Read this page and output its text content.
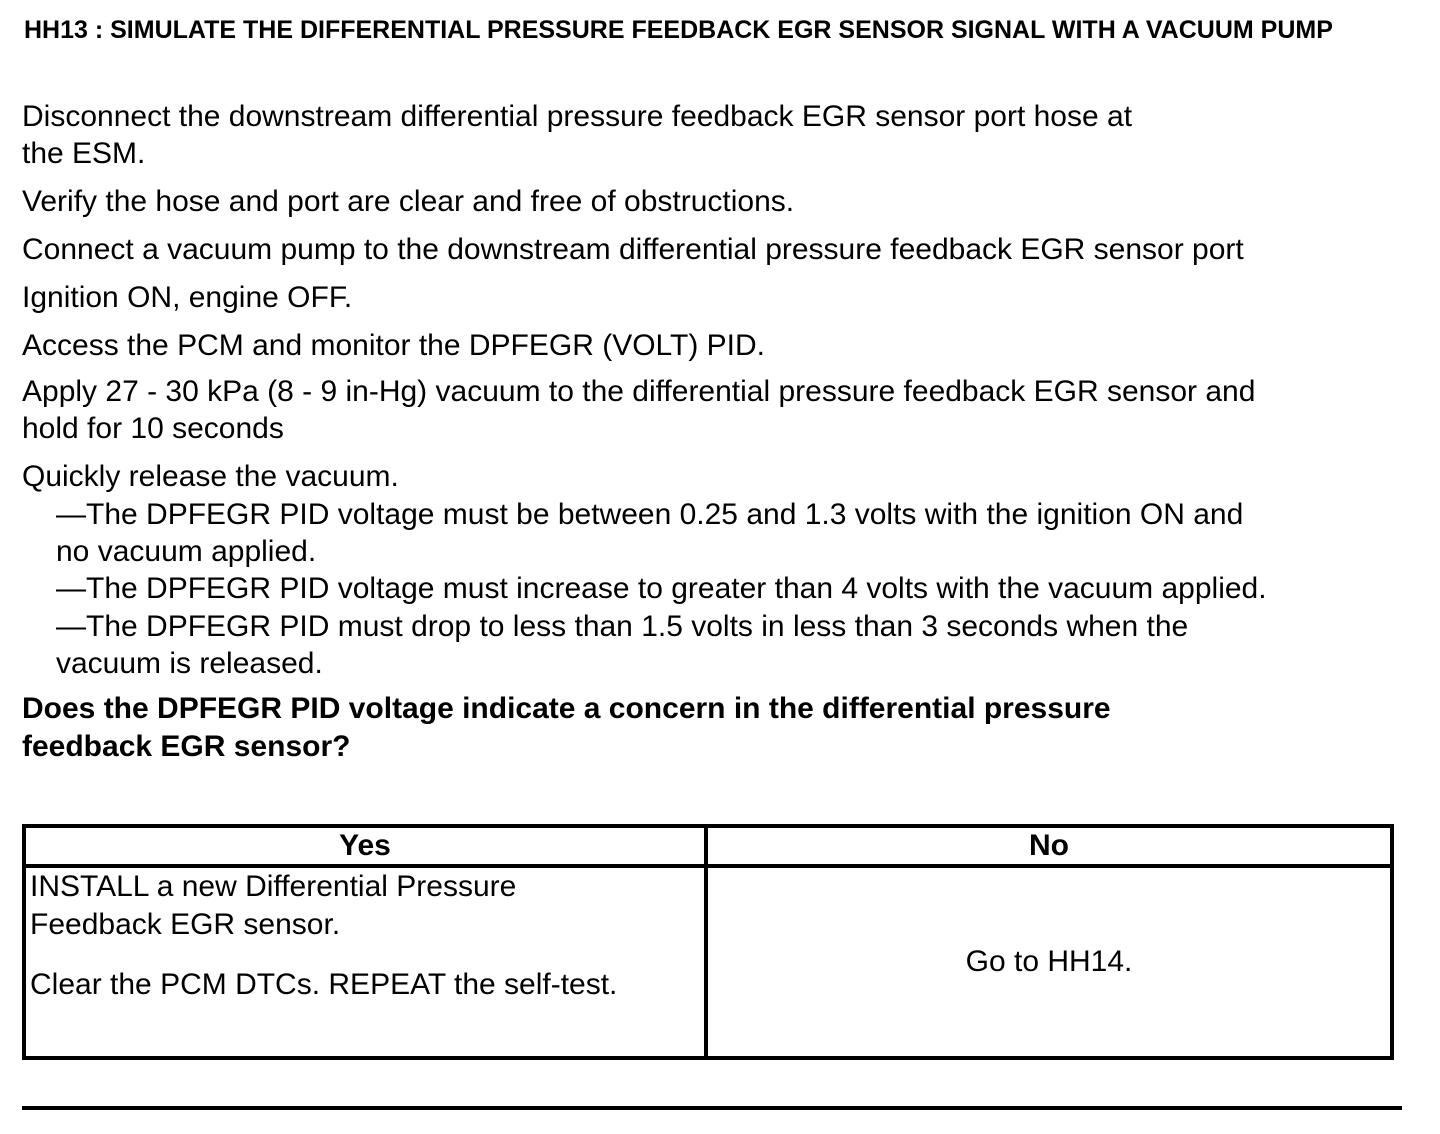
HH13 : SIMULATE THE DIFFERENTIAL PRESSURE FEEDBACK EGR SENSOR SIGNAL WITH A VACUUM PUMP
Disconnect the downstream differential pressure feedback EGR sensor port hose at
the ESM.
Verify the hose and port are clear and free of obstructions.
Connect a vacuum pump to the downstream differential pressure feedback EGR sensor port
Ignition ON, engine OFF.
Access the PCM and monitor the DPFEGR (VOLT) PID.
Apply 27 - 30 kPa (8 - 9 in-Hg) vacuum to the differential pressure feedback EGR sensor and
hold for 10 seconds
Quickly release the vacuum.
—The DPFEGR PID voltage must be between 0.25 and 1.3 volts with the ignition ON and
no vacuum applied.
—The DPFEGR PID voltage must increase to greater than 4 volts with the vacuum applied.
—The DPFEGR PID must drop to less than 1.5 volts in less than 3 seconds when the
vacuum is released.
Does the DPFEGR PID voltage indicate a concern in the differential pressure
feedback EGR sensor?
Yes	No

INSTALL a new Differential Pressure
Feedback EGR sensor.

Clear the PCM DTCs. REPEAT the self-test.	Go to HH14.
